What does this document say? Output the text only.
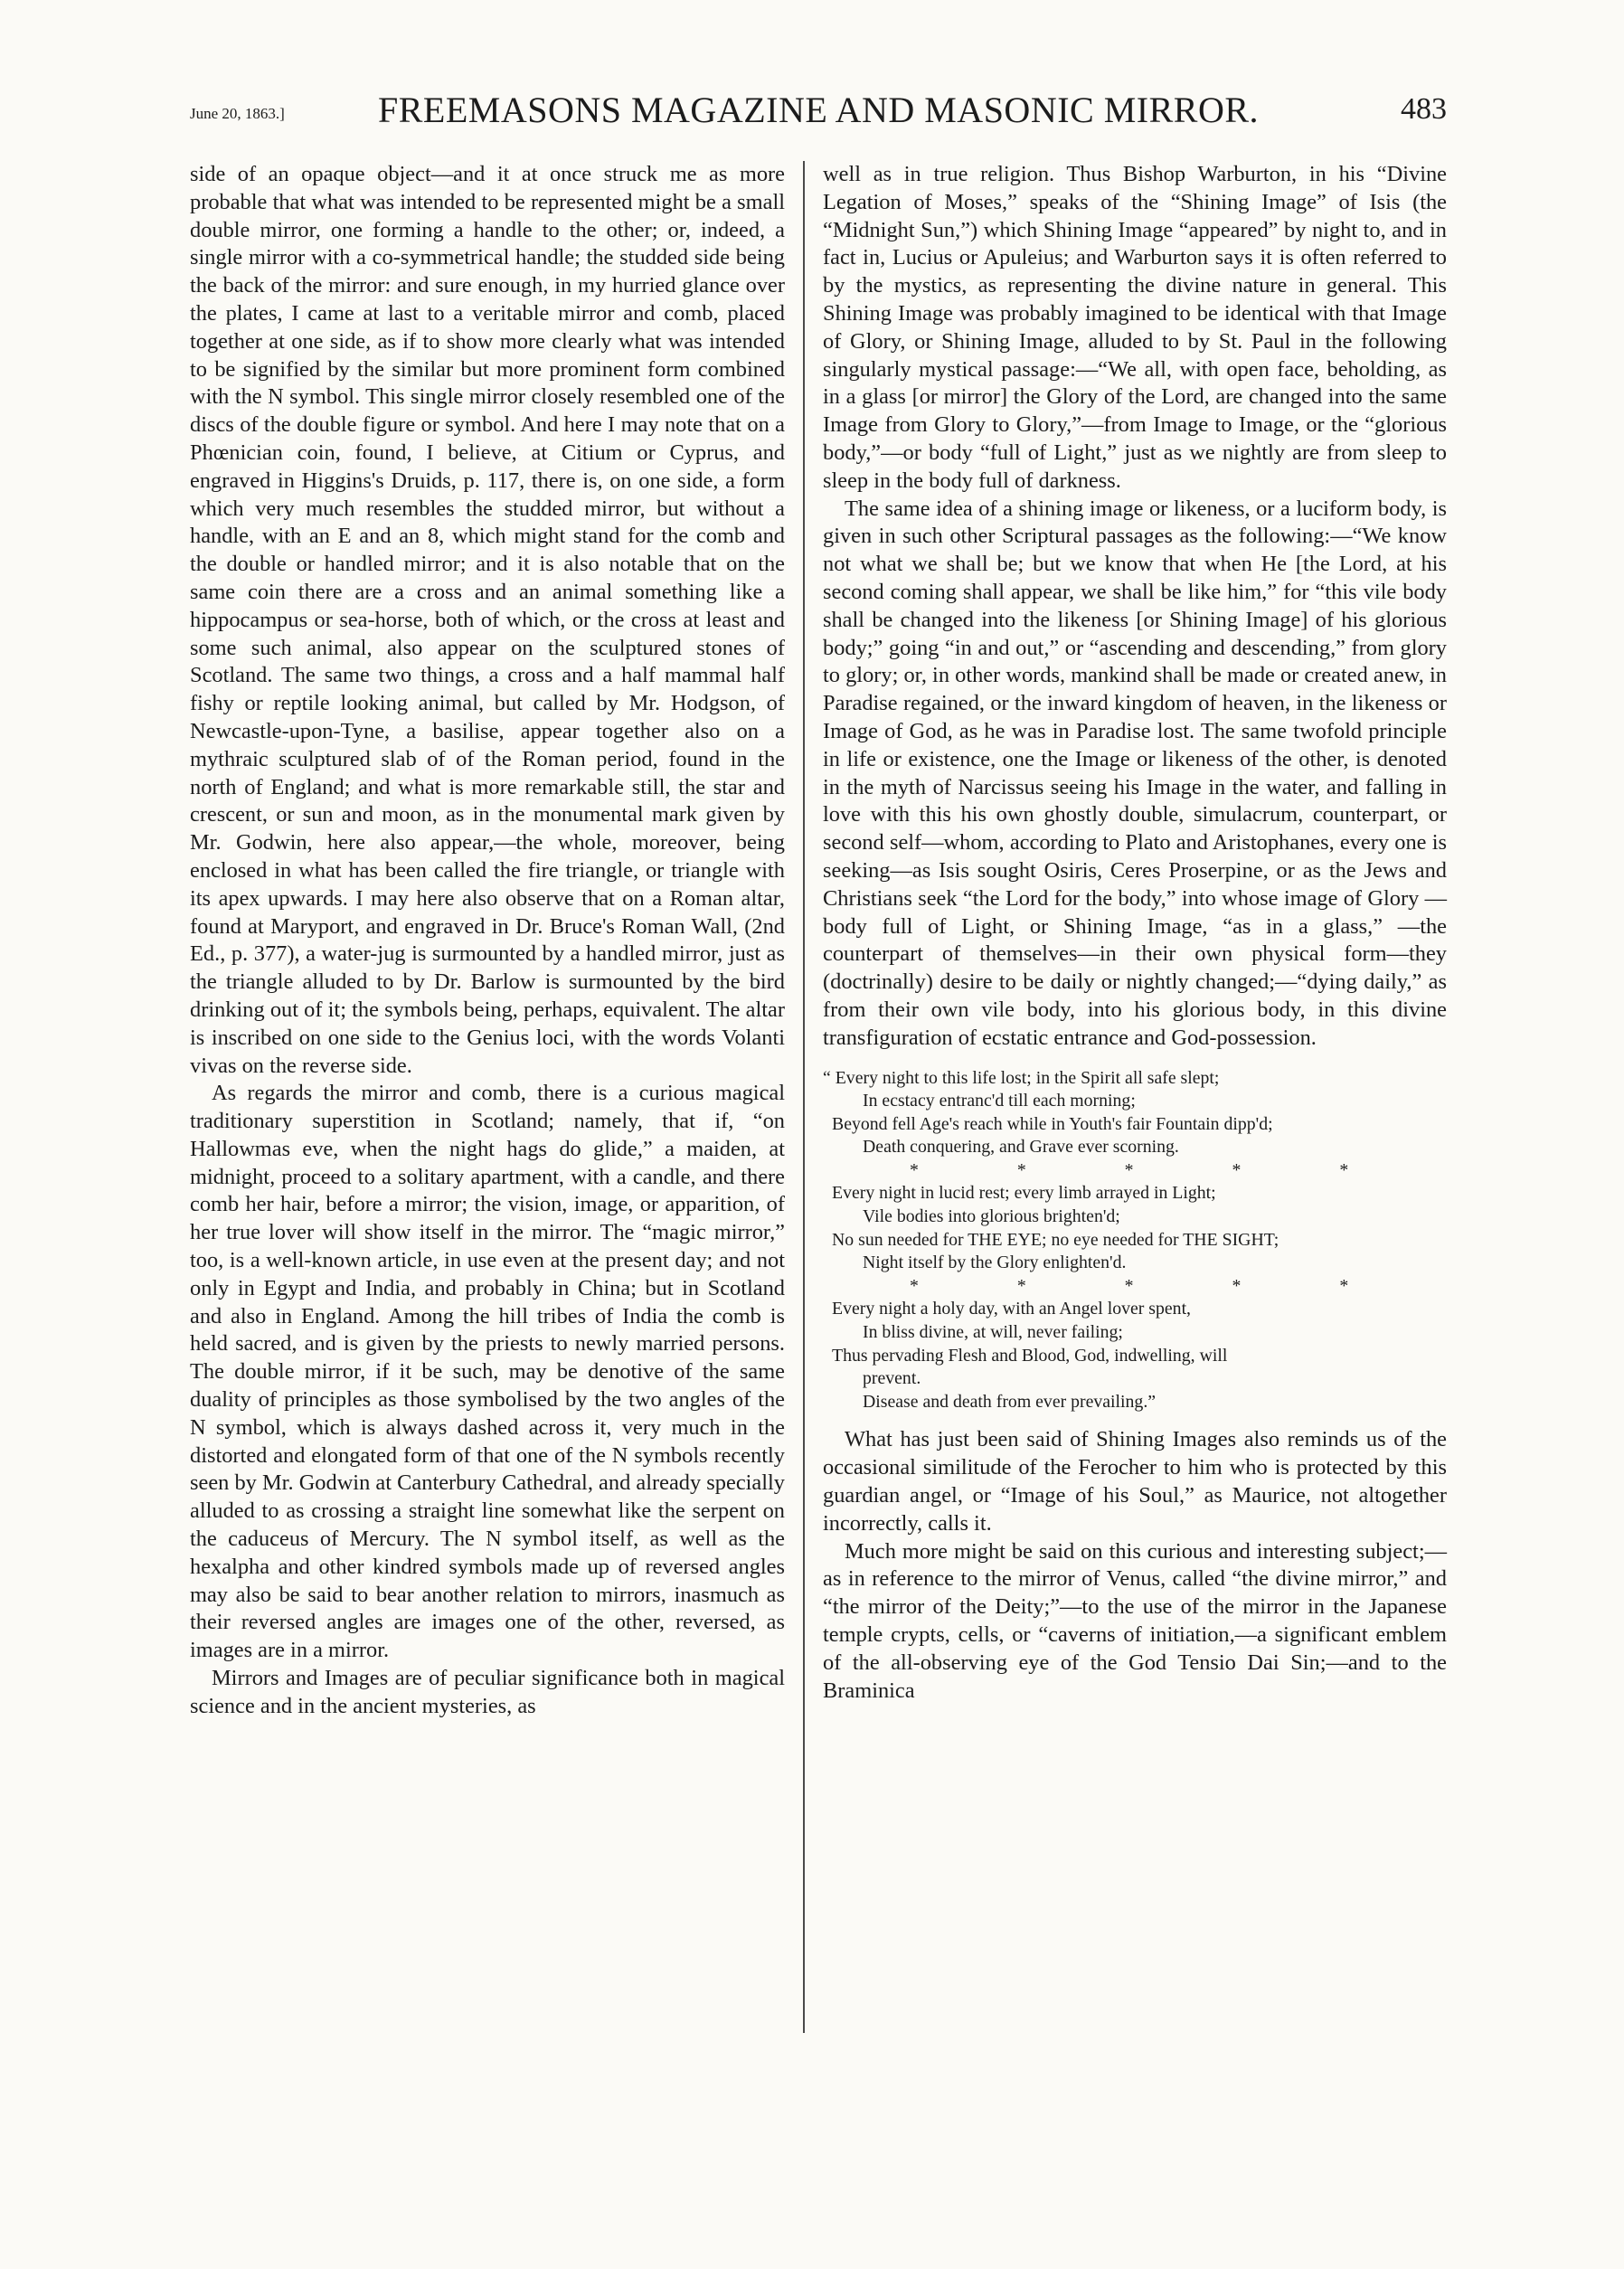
June 20, 1863.]	FREEMASONS MAGAZINE AND MASONIC MIRROR.	483

side of an opaque object—and it at once struck me as more probable that what was intended to be represented might be a small double mirror, one forming a handle to the other; or, indeed, a single mirror with a co-symmetrical handle; the studded side being the back of the mirror: and sure enough, in my hurried glance over the plates, I came at last to a veritable mirror and comb, placed together at one side, as if to show more clearly what was intended to be signified by the similar but more prominent form combined with the N symbol. This single mirror closely resembled one of the discs of the double figure or symbol. And here I may note that on a Phœnician coin, found, I believe, at Citium or Cyprus, and engraved in Higgins's Druids, p. 117, there is, on one side, a form which very much resembles the studded mirror, but without a handle, with an E and an 8, which might stand for the comb and the double or handled mirror; and it is also notable that on the same coin there are a cross and an animal something like a hippocampus or sea-horse, both of which, or the cross at least and some such animal, also appear on the sculptured stones of Scotland. The same two things, a cross and a half mammal half fishy or reptile looking animal, but called by Mr. Hodgson, of Newcastle-upon-Tyne, a basilise, appear together also on a mythraic sculptured slab of of the Roman period, found in the north of England; and what is more remarkable still, the star and crescent, or sun and moon, as in the monumental mark given by Mr. Godwin, here also appear,—the whole, moreover, being enclosed in what has been called the fire triangle, or triangle with its apex upwards. I may here also observe that on a Roman altar, found at Maryport, and engraved in Dr. Bruce's Roman Wall, (2nd Ed., p. 377), a water-jug is surmounted by a handled mirror, just as the triangle alluded to by Dr. Barlow is surmounted by the bird drinking out of it; the symbols being, perhaps, equivalent. The altar is inscribed on one side to the Genius loci, with the words Volanti vivas on the reverse side.

As regards the mirror and comb, there is a curious magical traditionary superstition in Scotland; namely, that if, “on Hallowmas eve, when the night hags do glide,” a maiden, at midnight, proceed to a solitary apartment, with a candle, and there comb her hair, before a mirror; the vision, image, or apparition, of her true lover will show itself in the mirror. The “magic mirror,” too, is a well-known article, in use even at the present day; and not only in Egypt and India, and probably in China; but in Scotland and also in England. Among the hill tribes of India the comb is held sacred, and is given by the priests to newly married persons. The double mirror, if it be such, may be denotive of the same duality of principles as those symbolised by the two angles of the N symbol, which is always dashed across it, very much in the distorted and elongated form of that one of the N symbols recently seen by Mr. Godwin at Canterbury Cathedral, and already specially alluded to as crossing a straight line somewhat like the serpent on the caduceus of Mercury. The N symbol itself, as well as the hexalpha and other kindred symbols made up of reversed angles may also be said to bear another relation to mirrors, inasmuch as their reversed angles are images one of the other, reversed, as images are in a mirror.

Mirrors and Images are of peculiar significance both in magical science and in the ancient mysteries, as

well as in true religion. Thus Bishop Warburton, in his “Divine Legation of Moses,” speaks of the “Shining Image” of Isis (the “Midnight Sun,”) which Shining Image “appeared” by night to, and in fact in, Lucius or Apuleius; and Warburton says it is often referred to by the mystics, as representing the divine nature in general. This Shining Image was probably imagined to be identical with that Image of Glory, or Shining Image, alluded to by St. Paul in the following singularly mystical passage:—“We all, with open face, beholding, as in a glass [or mirror] the Glory of the Lord, are changed into the same Image from Glory to Glory,”—from Image to Image, or the “glorious body,”—or body “full of Light,” just as we nightly are from sleep to sleep in the body full of darkness.

The same idea of a shining image or likeness, or a luciform body, is given in such other Scriptural passages as the following:—“We know not what we shall be; but we know that when He [the Lord, at his second coming shall appear, we shall be like him,” for “this vile body shall be changed into the likeness [or Shining Image] of his glorious body;” going “in and out,” or “ascending and descending,” from glory to glory; or, in other words, mankind shall be made or created anew, in Paradise regained, or the inward kingdom of heaven, in the likeness or Image of God, as he was in Paradise lost. The same twofold principle in life or existence, one the Image or likeness of the other, is denoted in the myth of Narcissus seeing his Image in the water, and falling in love with this his own ghostly double, simulacrum, counterpart, or second self—whom, according to Plato and Aristophanes, every one is seeking—as Isis sought Osiris, Ceres Proserpine, or as the Jews and Christians seek “the Lord for the body,” into whose image of Glory —body full of Light, or Shining Image, “as in a glass,” —the counterpart of themselves—in their own physical form—they (doctrinally) desire to be daily or nightly changed;—“dying daily,” as from their own vile body, into his glorious body, in this divine transfiguration of ecstatic entrance and God-possession.

“ Every night to this life lost; in the Spirit all safe slept;
In ecstacy entranc'd till each morning;
Beyond fell Age's reach while in Youth's fair Fountain dipp'd;
Death conquering, and Grave ever scorning.
* * * * *
Every night in lucid rest; every limb arrayed in Light;
Vile bodies into glorious brighten'd;
No sun needed for THE EYE; no eye needed for THE SIGHT;
Night itself by the Glory enlighten'd.
* * * * *
Every night a holy day, with an Angel lover spent,
In bliss divine, at will, never failing;
Thus pervading Flesh and Blood, God, indwelling, will
prevent.
Disease and death from ever prevailing.”

What has just been said of Shining Images also reminds us of the occasional similitude of the Ferocher to him who is protected by this guardian angel, or “Image of his Soul,” as Maurice, not altogether incorrectly, calls it.

Much more might be said on this curious and interesting subject;—as in reference to the mirror of Venus, called “the divine mirror,” and “the mirror of the Deity;”—to the use of the mirror in the Japanese temple crypts, cells, or “caverns of initiation,—a significant emblem of the all-observing eye of the God Tensio Dai Sin;—and to the Braminica
